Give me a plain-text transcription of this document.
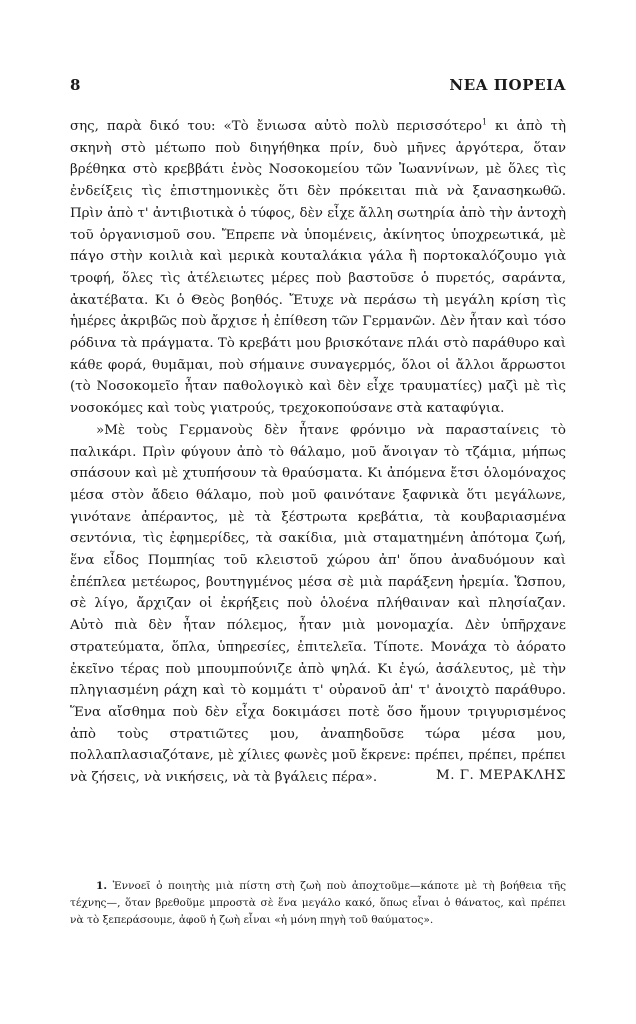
8	ΝΕΑ ΠΟΡΕΙΑ

σης, παρὰ δικό του: «Τὸ ἔνιωσα αὐτὸ πολὺ περισσότερο$^1$ κι ἀπὸ τὴ σκηνὴ στὸ μέτωπο ποὺ διηγήθηκα πρίν, δυὸ μῆνες ἀργότερα, ὅταν βρέθηκα στὸ κρεββάτι ἑνὸς Νοσοκομείου τῶν Ἰωαννίνων, μὲ ὅλες τὶς ἐνδείξεις τὶς ἐπιστημονικὲς ὅτι δὲν πρόκειται πιὰ νὰ ξανασηκωθῶ. Πρὶν ἀπὸ τ' ἀντιβιοτικὰ ὁ τύφος, δὲν εἶχε ἄλλη σωτηρία ἀπὸ τὴν ἀντοχὴ τοῦ ὀργανισμοῦ σου. Ἔπρεπε νὰ ὑπομένεις, ἀκίνητος ὑποχρεωτικά, μὲ πάγο στὴν κοιλιὰ καὶ μερικὰ κουταλάκια γάλα ἢ πορτοκαλόζουμο γιὰ τροφή, ὅλες τὶς ἀτέλειωτες μέρες ποὺ βαστοῦσε ὁ πυρετός, σαράντα, ἀκατέβατα. Κι ὁ Θεὸς βοηθός. Ἔτυχε νὰ περάσω τὴ μεγάλη κρίση τὶς ἡμέρες ἀκριβῶς ποὺ ἄρχισε ἡ ἐπίθεση τῶν Γερμανῶν. Δὲν ἦταν καὶ τόσο ρόδινα τὰ πράγματα. Τὸ κρεβάτι μου βρισκότανε πλάι στὸ παράθυρο καὶ κάθε φορά, θυμᾶμαι, ποὺ σήμαινε συναγερμός, ὅλοι οἱ ἄλλοι ἄρρωστοι (τὸ Νοσοκομεῖο ἦταν παθολογικὸ καὶ δὲν εἶχε τραυματίες) μαζὶ μὲ τὶς νοσοκόμες καὶ τοὺς γιατρούς, τρεχοκοπούσανε στὰ καταφύγια.

»Μὲ τοὺς Γερμανοὺς δὲν ἦτανε φρόνιμο νὰ παρασταίνεις τὸ παλικάρι. Πρὶν φύγουν ἀπὸ τὸ θάλαμο, μοῦ ἄνοιγαν τὸ τζάμια, μήπως σπάσουν καὶ μὲ χτυπήσουν τὰ θραύσματα. Κι ἀπόμενα ἔτσι ὁλομόναχος μέσα στὸν ἄδειο θάλαμο, ποὺ μοῦ φαινότανε ξαφνικὰ ὅτι μεγάλωνε, γινότανε ἀπέραντος, μὲ τὰ ξέστρωτα κρεβάτια, τὰ κουβαριασμένα σεντόνια, τὶς ἐφημερίδες, τὰ σακίδια, μιὰ σταματημένη ἀπότομα ζωή, ἕνα εἶδος Πομπηίας τοῦ κλειστοῦ χώρου ἀπ' ὅπου ἀναδυόμουν καὶ ἐπέπλεα μετέωρος, βουτηγμένος μέσα σὲ μιὰ παράξενη ἠρεμία. Ὥσπου, σὲ λίγο, ἄρχιζαν οἱ ἐκρήξεις ποὺ ὁλοένα πλήθαιναν καὶ πλησίαζαν. Αὐτὸ πιὰ δὲν ἦταν πόλεμος, ἦταν μιὰ μονομαχία. Δὲν ὑπῆρχανε στρατεύματα, ὅπλα, ὑπηρεσίες, ἐπιτελεῖα. Τίποτε. Μονάχα τὸ ἀόρατο ἐκεῖνο τέρας ποὺ μπουμπούνιζε ἀπὸ ψηλά. Κι ἐγώ, ἀσάλευτος, μὲ τὴν πληγιασμένη ράχη καὶ τὸ κομμάτι τ' οὐρανοῦ ἀπ' τ' ἀνοιχτὸ παράθυρο. Ἕνα αἴσθημα ποὺ δὲν εἶχα δοκιμάσει ποτὲ ὅσο ἤμουν τριγυρισμένος ἀπὸ τοὺς στρατιῶτες μου, ἀναπηδοῦσε τώρα μέσα μου, πολλαπλασιαζότανε, μὲ χίλιες φωνὲς μοῦ ἔκρενε: πρέπει, πρέπει, πρέπει νὰ ζήσεις, νὰ νικήσεις, νὰ τὰ βγάλεις πέρα».	Μ. Γ. ΜΕΡΑΚΛΗΣ

1. Ἐννοεῖ ὁ ποιητὴς μιὰ πίστη στὴ ζωὴ ποὺ ἀποχτοῦμε—κάποτε μὲ τὴ βοήθεια τῆς τέχνης—, ὅταν βρεθοῦμε μπροστὰ σὲ ἕνα μεγάλο κακό, ὅπως εἶναι ὁ θάνατος, καὶ πρέπει νὰ τὸ ξεπεράσουμε, ἀφοῦ ἡ ζωὴ εἶναι «ἡ μόνη πηγὴ τοῦ θαύματος».
